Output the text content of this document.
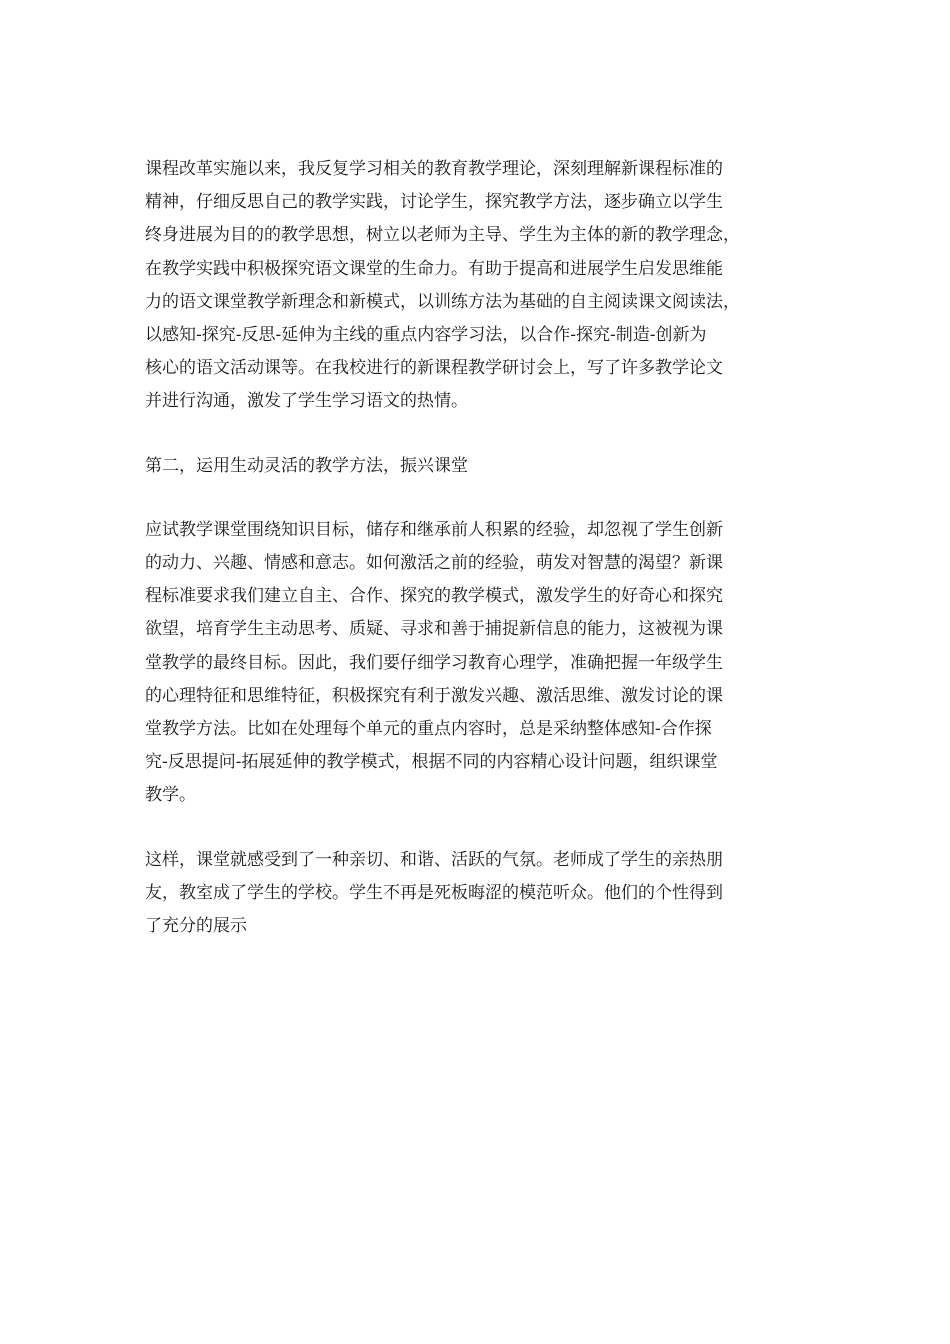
课程改革实施以来，我反复学习相关的教育教学理论，深刻理解新课程标准的

精神，仔细反思自己的教学实践，讨论学生，探究教学方法，逐步确立以学生

终身进展为目的的教学思想，树立以老师为主导、学生为主体的新的教学理念，

在教学实践中积极探究语文课堂的生命力。有助于提高和进展学生启发思维能

力的语文课堂教学新理念和新模式，以训练方法为基础的自主阅读课文阅读法，

以感知-探究-反思-延伸为主线的重点内容学习法，以合作-探究-制造-创新为

核心的语文活动课等。在我校进行的新课程教学研讨会上，写了许多教学论文

并进行沟通，激发了学生学习语文的热情。

第二，运用生动灵活的教学方法，振兴课堂

应试教学课堂围绕知识目标，储存和继承前人积累的经验，却忽视了学生创新

的动力、兴趣、情感和意志。如何激活之前的经验，萌发对智慧的渴望？新课

程标准要求我们建立自主、合作、探究的教学模式，激发学生的好奇心和探究

欲望，培育学生主动思考、质疑、寻求和善于捕捉新信息的能力，这被视为课

堂教学的最终目标。因此，我们要仔细学习教育心理学，准确把握一年级学生

的心理特征和思维特征，积极探究有利于激发兴趣、激活思维、激发讨论的课

堂教学方法。比如在处理每个单元的重点内容时，总是采纳整体感知-合作探

究-反思提问-拓展延伸的教学模式，根据不同的内容精心设计问题，组织课堂

教学。

这样，课堂就感受到了一种亲切、和谐、活跃的气氛。老师成了学生的亲热朋

友，教室成了学生的学校。学生不再是死板晦涩的模范听众。他们的个性得到

了充分的展示
